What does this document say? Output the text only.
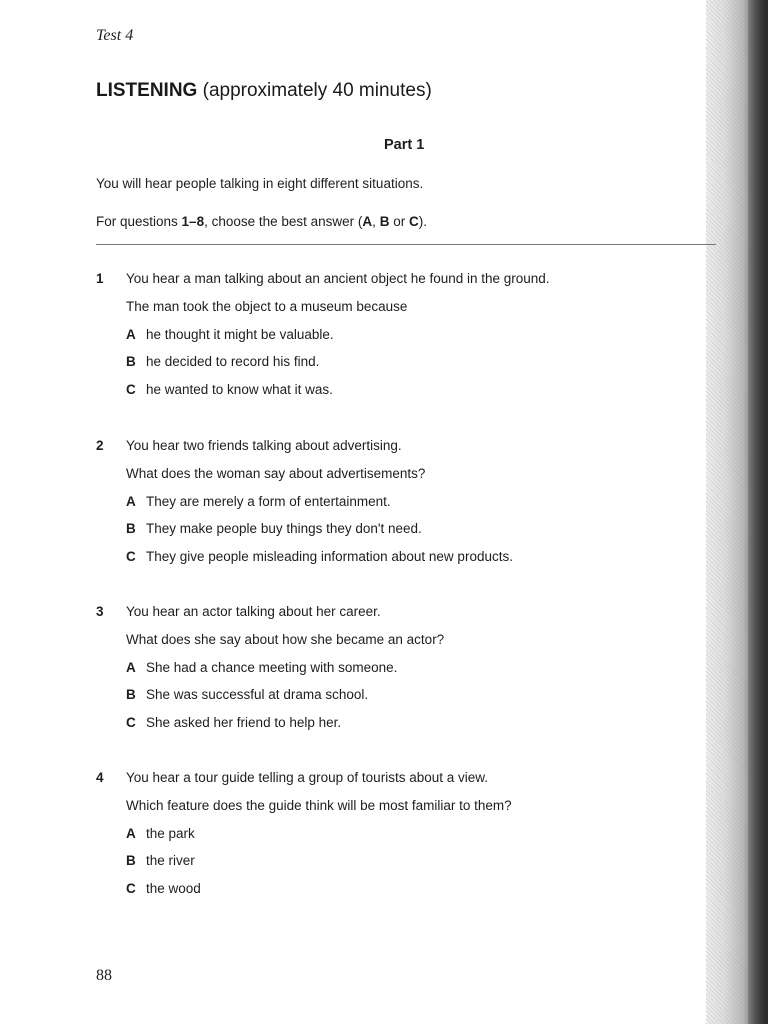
Test 4
LISTENING (approximately 40 minutes)
Part 1
You will hear people talking in eight different situations.
For questions 1–8, choose the best answer (A, B or C).
1 You hear a man talking about an ancient object he found in the ground.
The man took the object to a museum because
A he thought it might be valuable.
B he decided to record his find.
C he wanted to know what it was.
2 You hear two friends talking about advertising.
What does the woman say about advertisements?
A They are merely a form of entertainment.
B They make people buy things they don't need.
C They give people misleading information about new products.
3 You hear an actor talking about her career.
What does she say about how she became an actor?
A She had a chance meeting with someone.
B She was successful at drama school.
C She asked her friend to help her.
4 You hear a tour guide telling a group of tourists about a view.
Which feature does the guide think will be most familiar to them?
A the park
B the river
C the wood
88
